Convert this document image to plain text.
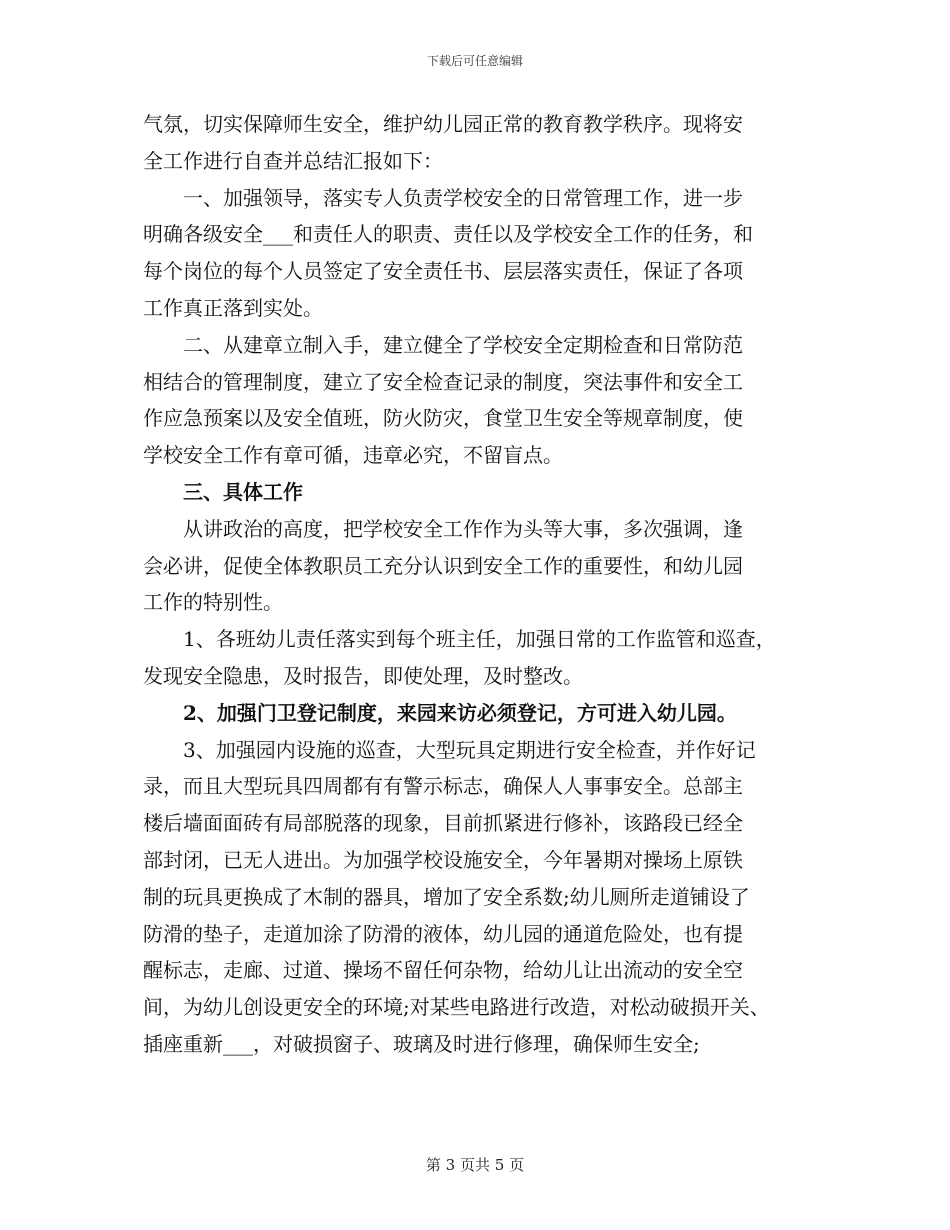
下载后可任意编辑
气氛，切实保障师生安全，维护幼儿园正常的教育教学秩序。现将安
全工作进行自查并总结汇报如下：
一、加强领导，落实专人负责学校安全的日常管理工作，进一步
明确各级安全___和责任人的职责、责任以及学校安全工作的任务，和
每个岗位的每个人员签定了安全责任书、层层落实责任，保证了各项
工作真正落到实处。
二、从建章立制入手，建立健全了学校安全定期检查和日常防范
相结合的管理制度，建立了安全检查记录的制度，突法事件和安全工
作应急预案以及安全值班，防火防灾，食堂卫生安全等规章制度，使
学校安全工作有章可循，违章必究，不留盲点。
三、具体工作
从讲政治的高度，把学校安全工作作为头等大事，多次强调，逢
会必讲，促使全体教职员工充分认识到安全工作的重要性，和幼儿园
工作的特别性。
1、各班幼儿责任落实到每个班主任，加强日常的工作监管和巡查，
发现安全隐患，及时报告，即使处理，及时整改。
2、加强门卫登记制度，来园来访必须登记，方可进入幼儿园。
3、加强园内设施的巡查，大型玩具定期进行安全检查，并作好记
录，而且大型玩具四周都有有警示标志，确保人人事事安全。总部主
楼后墙面面砖有局部脱落的现象，目前抓紧进行修补，该路段已经全
部封闭，已无人进出。为加强学校设施安全，今年暑期对操场上原铁
制的玩具更换成了木制的器具，增加了安全系数;幼儿厕所走道铺设了
防滑的垫子，走道加涂了防滑的液体，幼儿园的通道危险处，也有提
醒标志，走廊、过道、操场不留任何杂物，给幼儿让出流动的安全空
间，为幼儿创设更安全的环境;对某些电路进行改造，对松动破损开关、
插座重新___，对破损窗子、玻璃及时进行修理，确保师生安全;
第 3 页共 5 页
